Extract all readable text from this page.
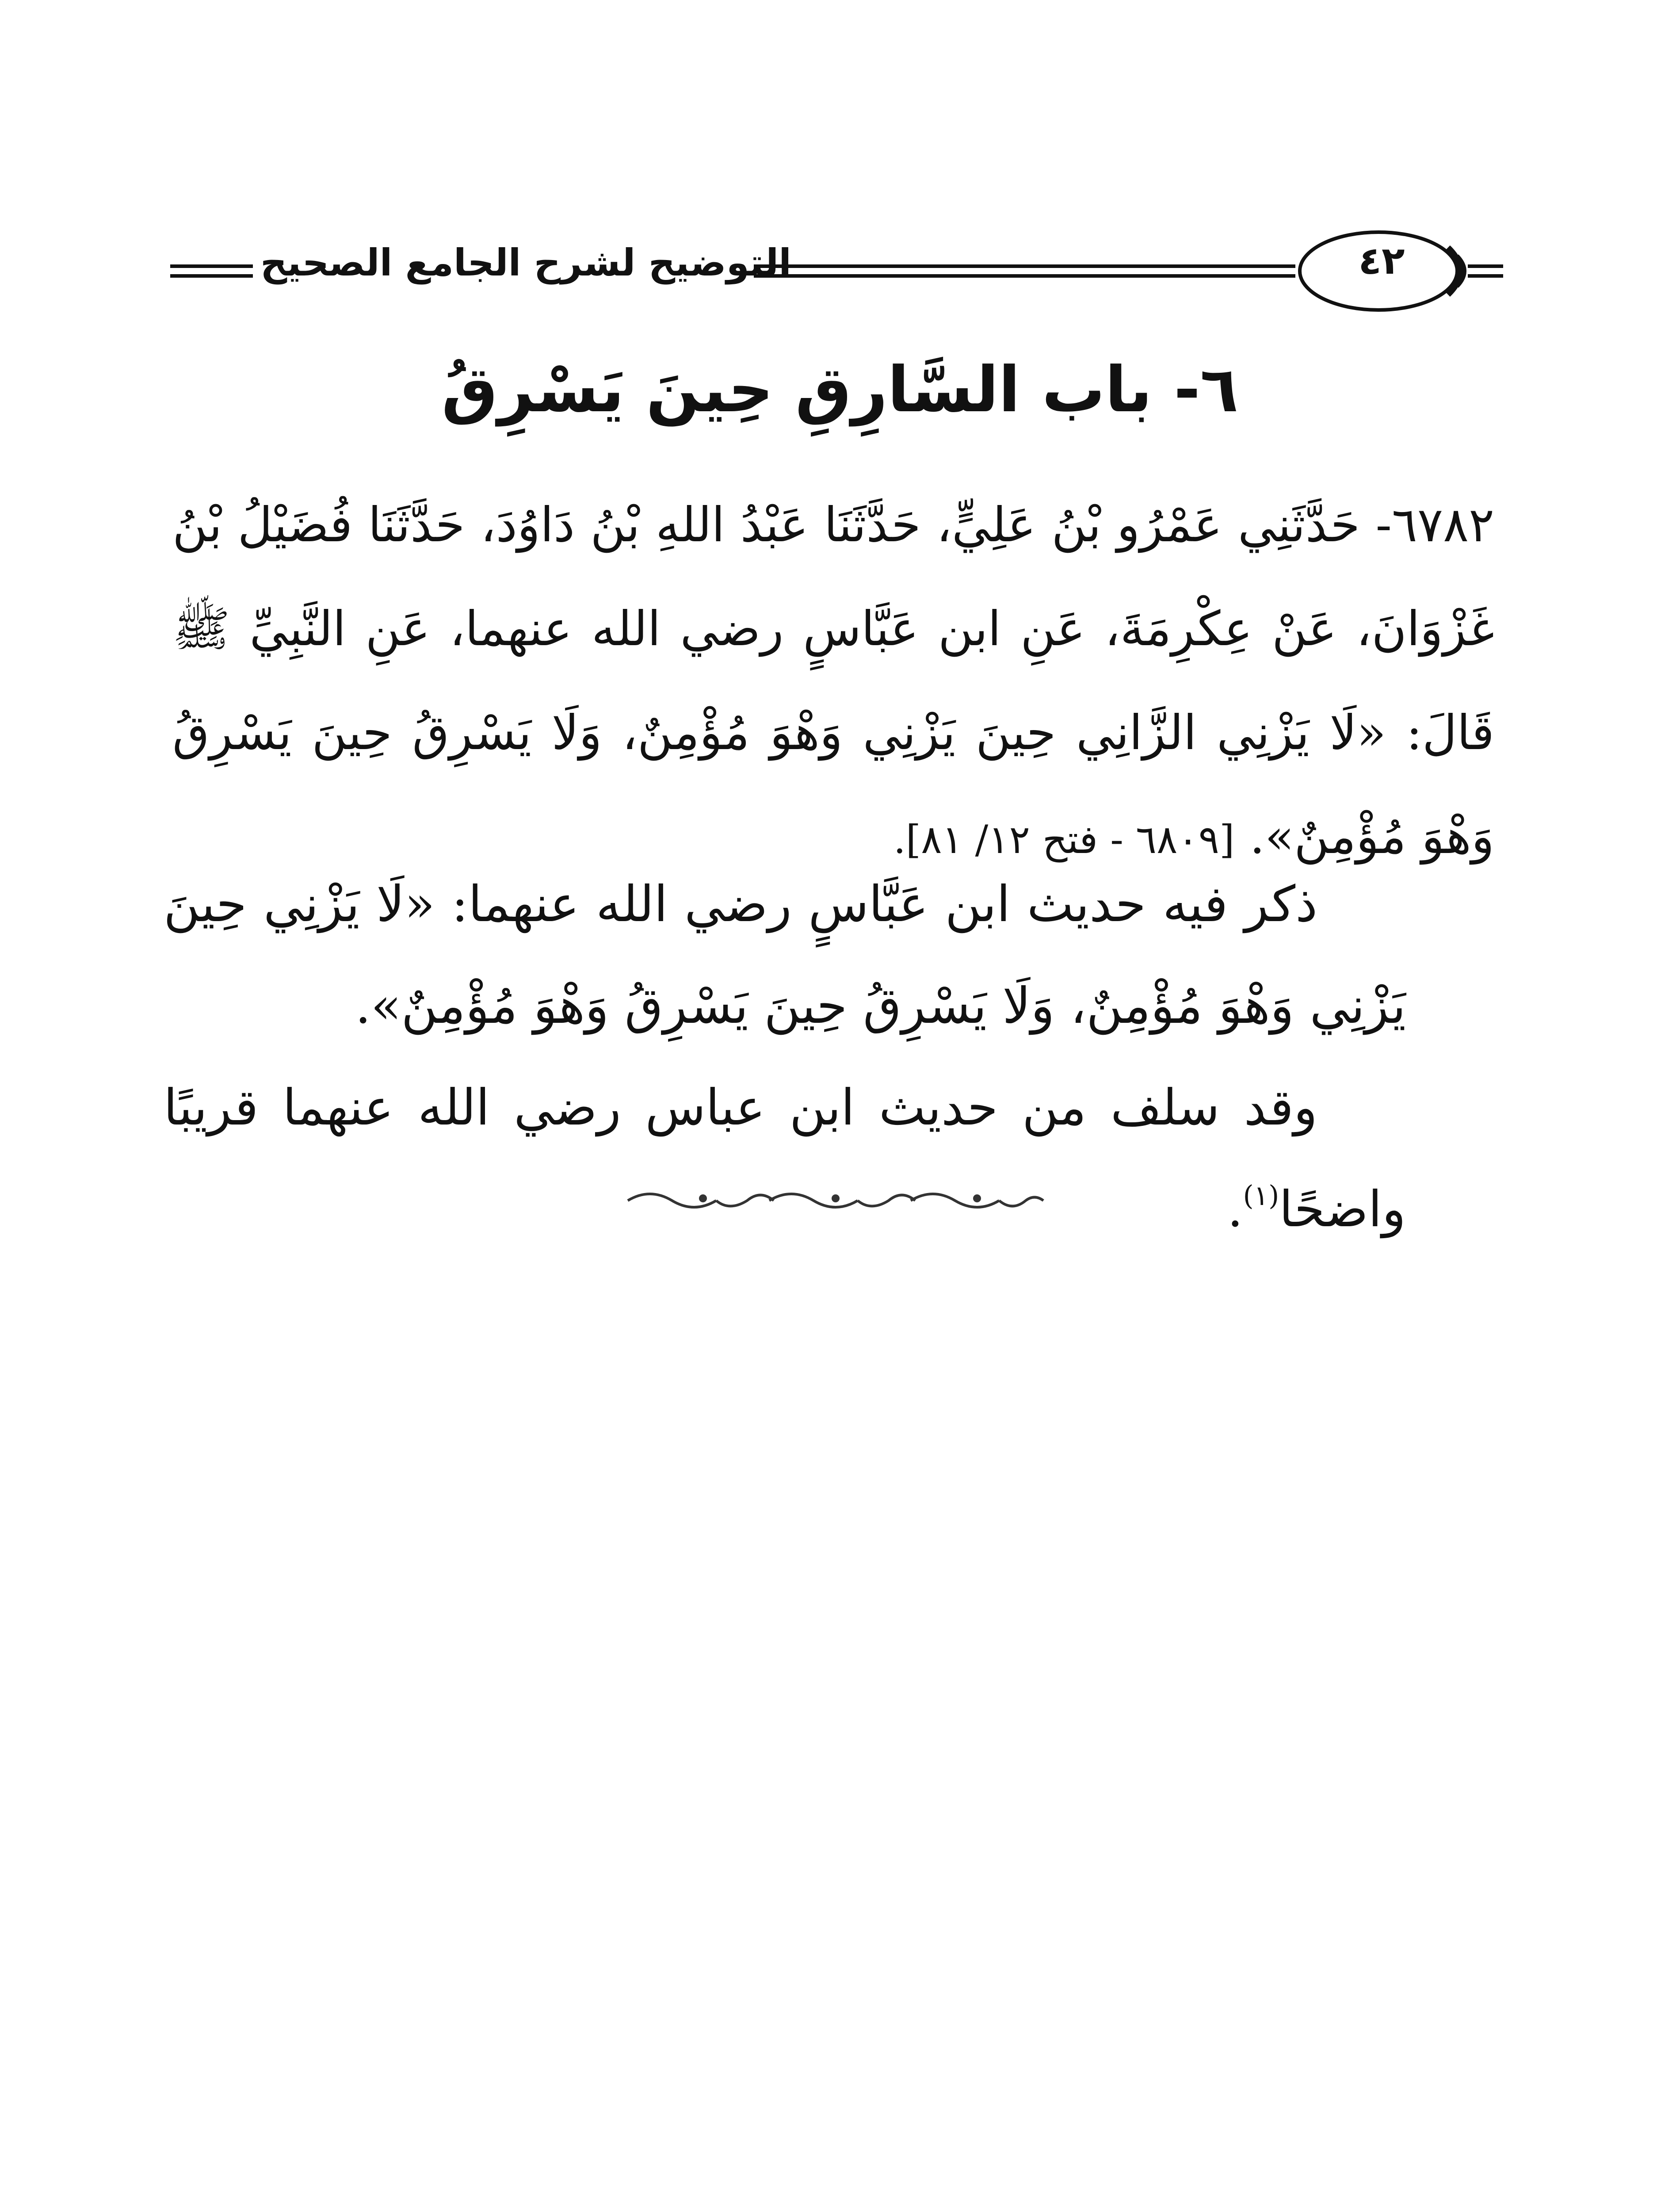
التوضيح لشرح الجامع الصحيح	٤٢
٦- باب السَّارِقِ حِينَ يَسْرِقُ
٦٧٨٢- حَدَّثَنِي عَمْرُو بْنُ عَلِيٍّ، حَدَّثَنَا عَبْدُ اللهِ بْنُ دَاوُدَ، حَدَّثَنَا فُضَيْلُ بْنُ غَزْوَانَ، عَنْ عِكْرِمَةَ، عَنِ ابن عَبَّاسٍ رضي الله عنهما، عَنِ النَّبِيِّ ﷺ قَالَ: «لَا يَزْنِي الزَّانِي حِينَ يَزْنِي وَهْوَ مُؤْمِنٌ، وَلَا يَسْرِقُ حِينَ يَسْرِقُ وَهْوَ مُؤْمِنٌ». [٦٨٠٩ - فتح ١٢/ ٨١].

ذكر فيه حديث ابن عَبَّاسٍ رضي الله عنهما: «لَا يَزْنِي حِينَ يَزْنِي وَهْوَ مُؤْمِنٌ، وَلَا يَسْرِقُ حِينَ يَسْرِقُ وَهْوَ مُؤْمِنٌ».

وقد سلف من حديث ابن عباس رضي الله عنهما قريبًا واضحًا$^{(١)}$.
